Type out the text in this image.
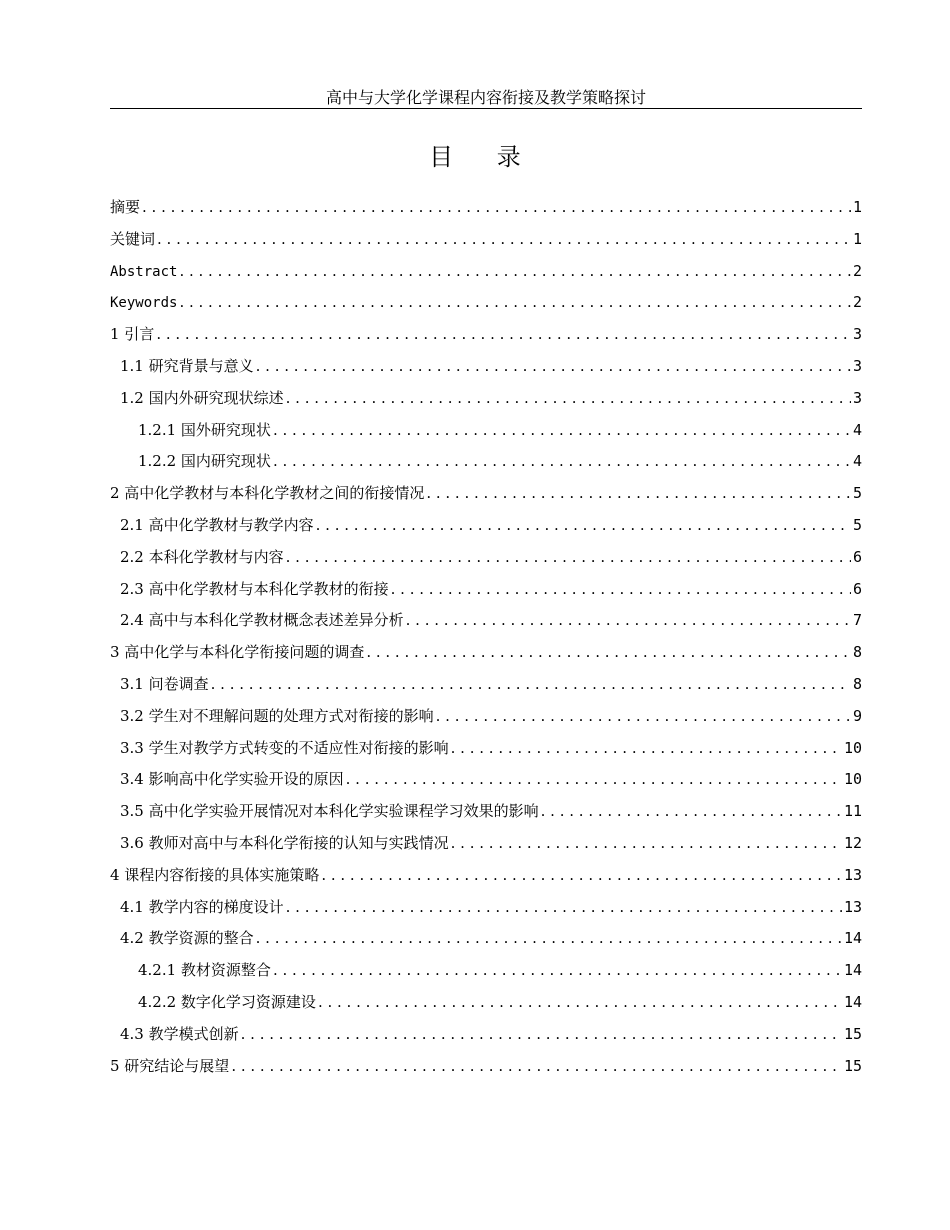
高中与大学化学课程内容衔接及教学策略探讨
目 录
摘要 . . .	1
关键词 . . .	1
Abstract . . .	2
Keywords . . .	2
1 引言 . . .	3
1.1 研究背景与意义 . . .	3
1.2 国内外研究现状综述 . . .	3
1.2.1 国外研究现状 . . .	4
1.2.2 国内研究现状 . . .	4
2 高中化学教材与本科化学教材之间的衔接情况 . . .	5
2.1 高中化学教材与教学内容 . . .	5
2.2 本科化学教材与内容 . . .	6
2.3 高中化学教材与本科化学教材的衔接 . . .	6
2.4 高中与本科化学教材概念表述差异分析 . . .	7
3 高中化学与本科化学衔接问题的调查 . . .	8
3.1 问卷调查 . . .	8
3.2 学生对不理解问题的处理方式对衔接的影响 . . .	9
3.3 学生对教学方式转变的不适应性对衔接的影响 . . .	10
3.4 影响高中化学实验开设的原因 . . .	10
3.5 高中化学实验开展情况对本科化学实验课程学习效果的影响 . . .	11
3.6 教师对高中与本科化学衔接的认知与实践情况 . . .	12
4 课程内容衔接的具体实施策略 . . .	13
4.1 教学内容的梯度设计 . . .	13
4.2 教学资源的整合 . . .	14
4.2.1 教材资源整合 . . .	14
4.2.2 数字化学习资源建设 . . .	14
4.3 教学模式创新 . . .	15
5 研究结论与展望 . . .	15
